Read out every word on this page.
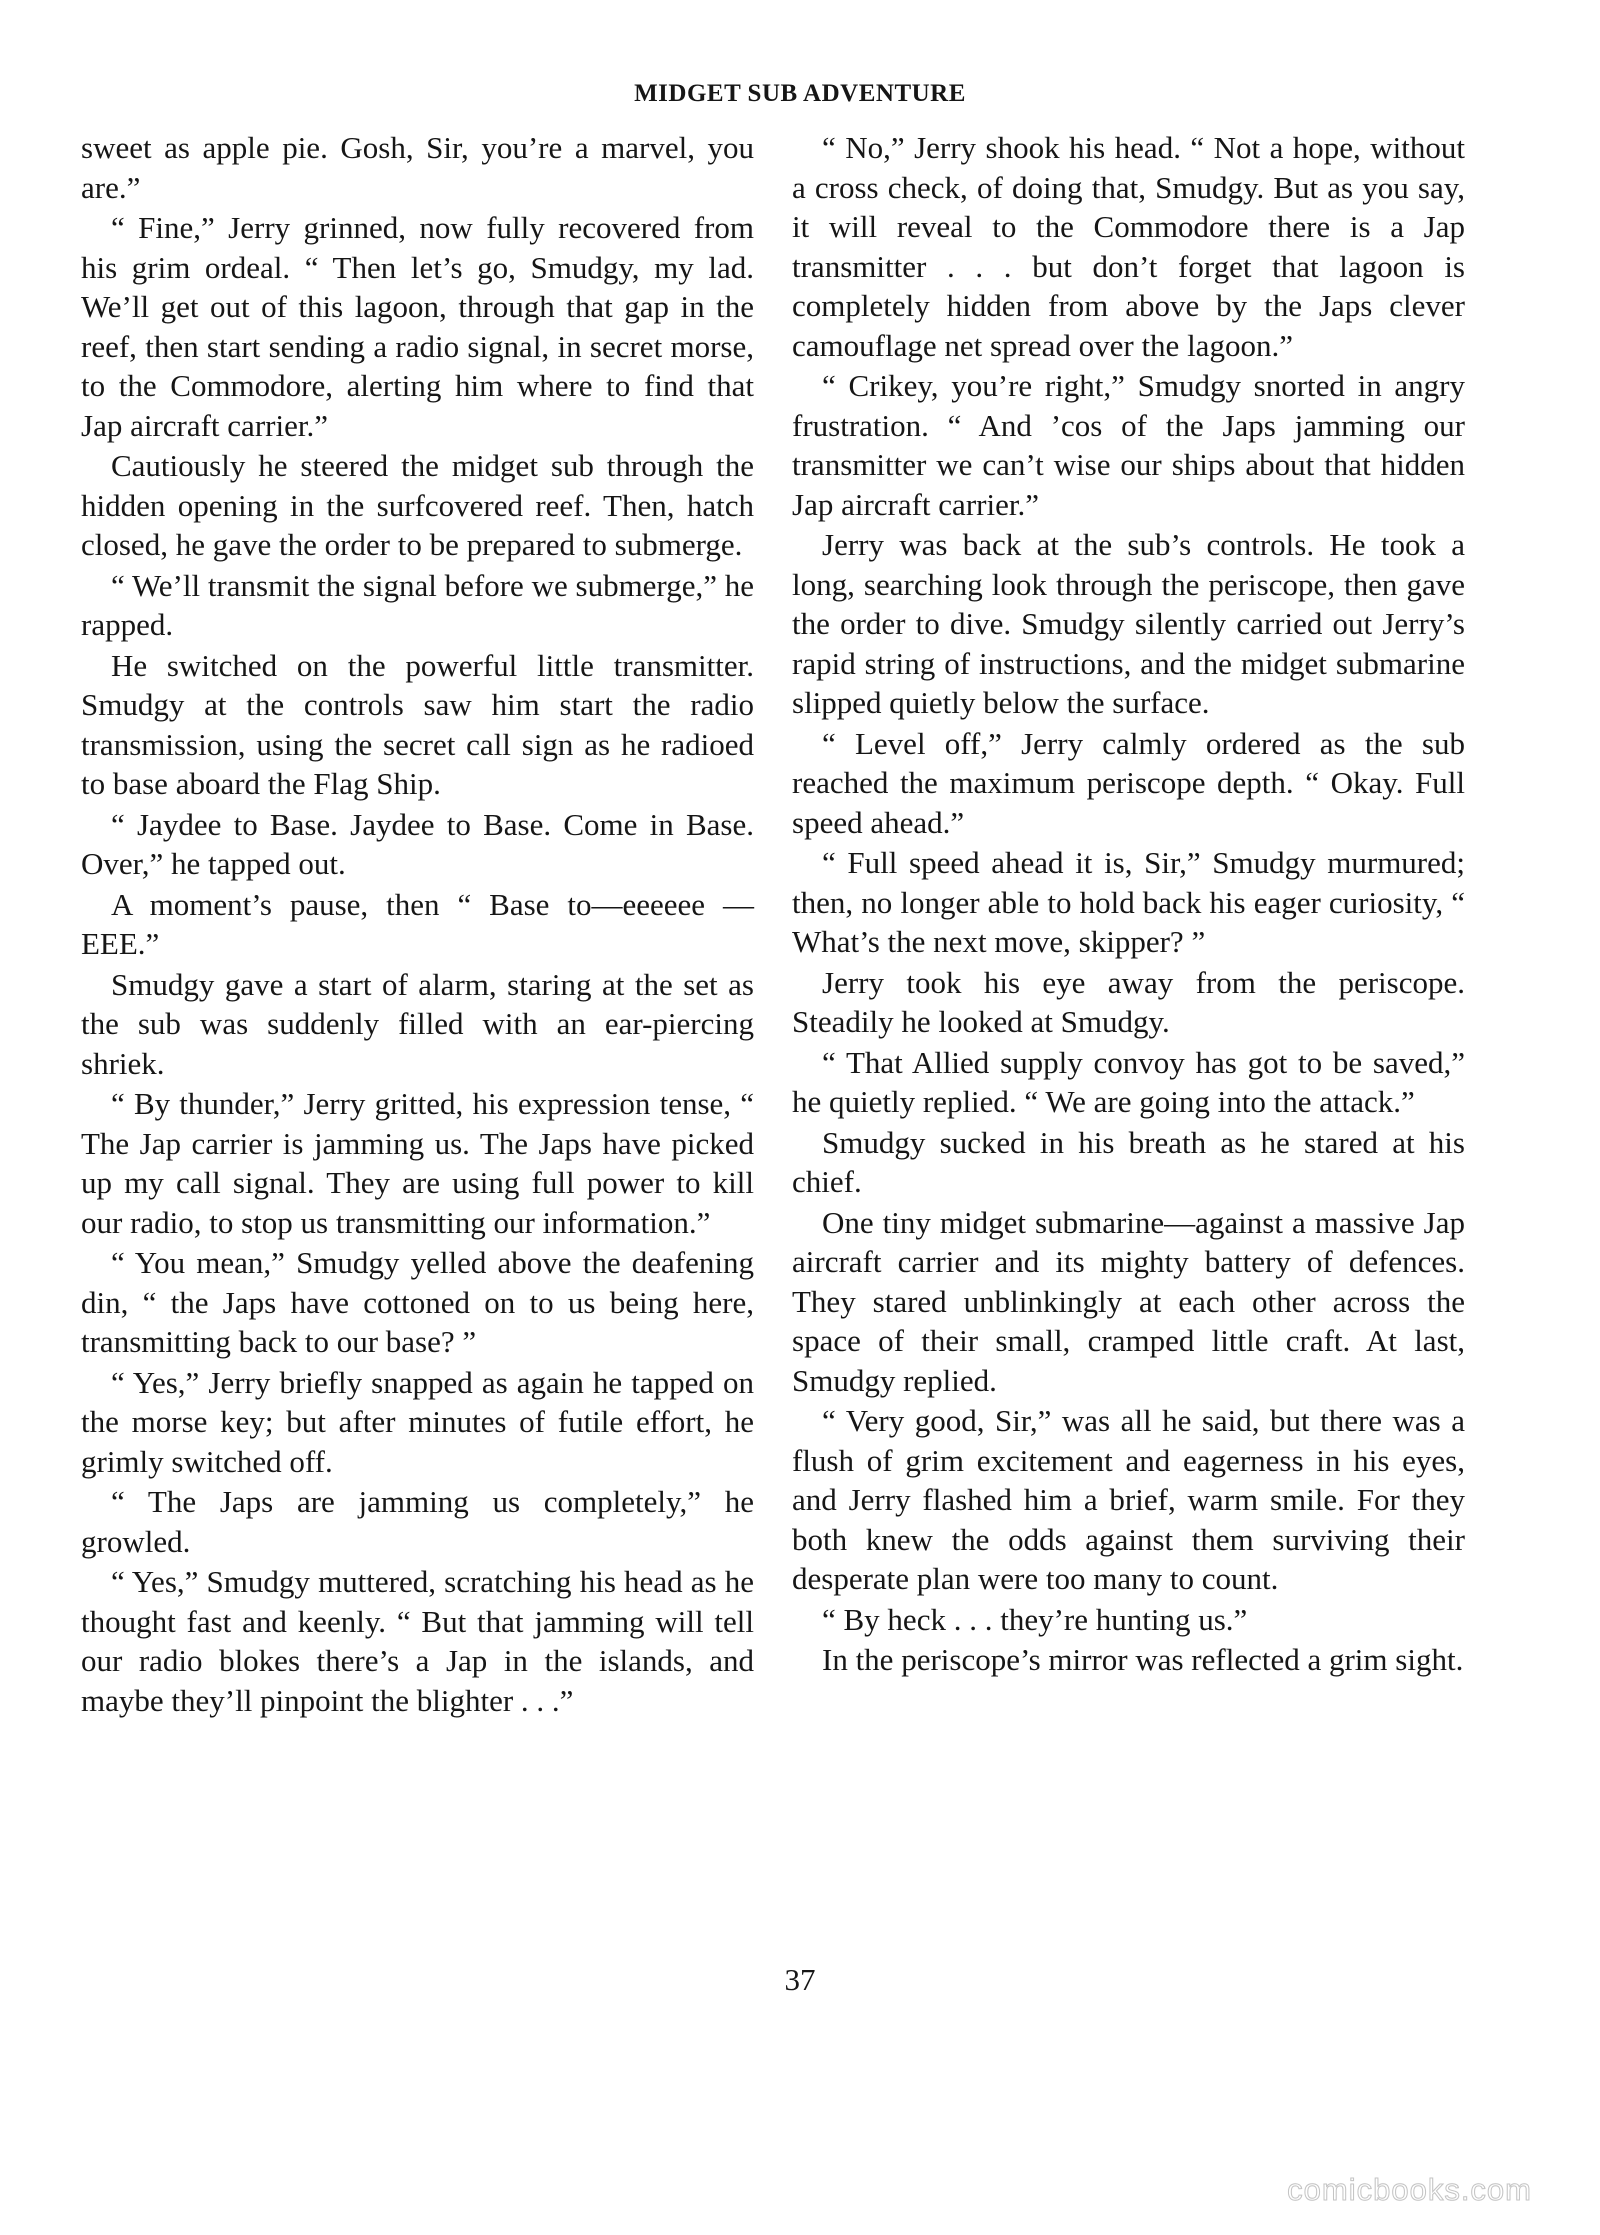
MIDGET SUB ADVENTURE

sweet as apple pie. Gosh, Sir, you’re a marvel, you are.”

“ Fine,” Jerry grinned, now fully recovered from his grim ordeal. “ Then let’s go, Smudgy, my lad. We’ll get out of this lagoon, through that gap in the reef, then start sending a radio signal, in secret morse, to the Commodore, alerting him where to find that Jap aircraft carrier.”

Cautiously he steered the midget sub through the hidden opening in the surfcovered reef. Then, hatch closed, he gave the order to be prepared to submerge.

“ We’ll transmit the signal before we submerge,” he rapped.

He switched on the powerful little transmitter. Smudgy at the controls saw him start the radio transmission, using the secret call sign as he radioed to base aboard the Flag Ship.

“ Jaydee to Base. Jaydee to Base. Come in Base. Over,” he tapped out.

A moment’s pause, then “ Base to—eeeeee —EEE.”

Smudgy gave a start of alarm, staring at the set as the sub was suddenly filled with an ear-piercing shriek.

“ By thunder,” Jerry gritted, his expression tense, “ The Jap carrier is jamming us. The Japs have picked up my call signal. They are using full power to kill our radio, to stop us transmitting our information.”

“ You mean,” Smudgy yelled above the deafening din, “ the Japs have cottoned on to us being here, transmitting back to our base? ”

“ Yes,” Jerry briefly snapped as again he tapped on the morse key; but after minutes of futile effort, he grimly switched off.

“ The Japs are jamming us completely,” he growled.

“ Yes,” Smudgy muttered, scratching his head as he thought fast and keenly. “ But that jamming will tell our radio blokes there’s a Jap in the islands, and maybe they’ll pinpoint the blighter . . .”

“ No,” Jerry shook his head. “ Not a hope, without a cross check, of doing that, Smudgy. But as you say, it will reveal to the Commodore there is a Jap transmitter . . . but don’t forget that lagoon is completely hidden from above by the Japs clever camouflage net spread over the lagoon.”

“ Crikey, you’re right,” Smudgy snorted in angry frustration. “ And ’cos of the Japs jamming our transmitter we can’t wise our ships about that hidden Jap aircraft carrier.”

Jerry was back at the sub’s controls. He took a long, searching look through the periscope, then gave the order to dive. Smudgy silently carried out Jerry’s rapid string of instructions, and the midget submarine slipped quietly below the surface.

“ Level off,” Jerry calmly ordered as the sub reached the maximum periscope depth. “ Okay. Full speed ahead.”

“ Full speed ahead it is, Sir,” Smudgy murmured; then, no longer able to hold back his eager curiosity, “ What’s the next move, skipper? ”

Jerry took his eye away from the periscope. Steadily he looked at Smudgy.

“ That Allied supply convoy has got to be saved,” he quietly replied. “ We are going into the attack.”

Smudgy sucked in his breath as he stared at his chief.

One tiny midget submarine—against a massive Jap aircraft carrier and its mighty battery of defences. They stared unblinkingly at each other across the space of their small, cramped little craft. At last, Smudgy replied.

“ Very good, Sir,” was all he said, but there was a flush of grim excitement and eagerness in his eyes, and Jerry flashed him a brief, warm smile. For they both knew the odds against them surviving their desperate plan were too many to count.

“ By heck . . . they’re hunting us.”

In the periscope’s mirror was reflected a grim sight.

37
comicbooks.com
